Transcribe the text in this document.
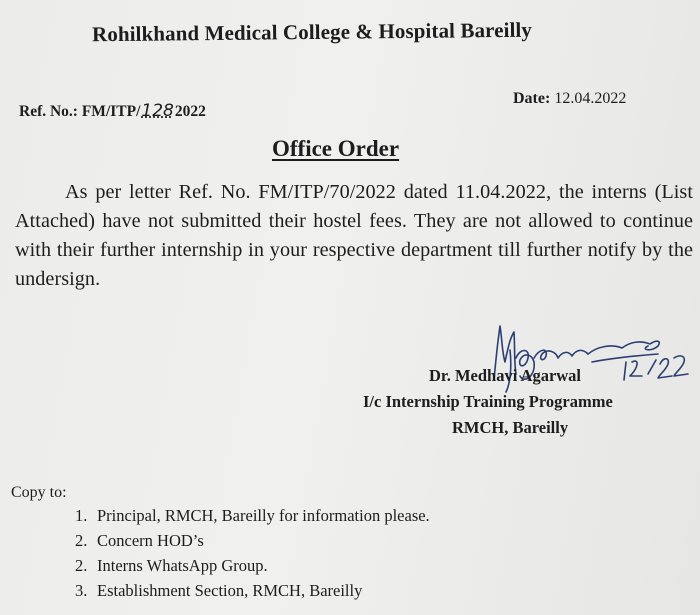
Rohilkhand Medical College & Hospital Bareilly
Ref. No.: FM/ITP/1282022
Date: 12.04.2022
Office Order

As per letter Ref. No. FM/ITP/70/2022 dated 11.04.2022, the interns (List Attached) have not submitted their hostel fees. They are not allowed to continue with their further internship in your respective department till further notify by the undersign.

Dr. Medhavi Agarwal
I/c Internship Training Programme
RMCH, Bareilly
Copy to:
1. Principal, RMCH, Bareilly for information please.
2. Concern HOD’s
2. Interns WhatsApp Group.
3. Establishment Section, RMCH, Bareilly
